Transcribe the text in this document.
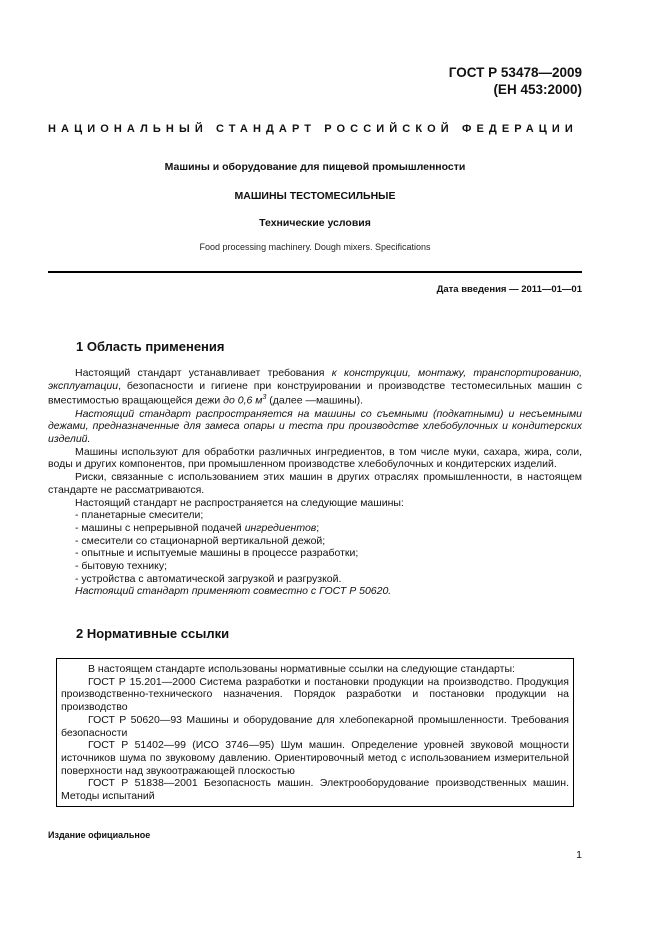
ГОСТ Р 53478—2009
(ЕН 453:2000)
НАЦИОНАЛЬНЫЙ СТАНДАРТ РОССИЙСКОЙ ФЕДЕРАЦИИ
Машины и оборудование для пищевой промышленности
МАШИНЫ ТЕСТОМЕСИЛЬНЫЕ
Технические условия
Food processing machinery. Dough mixers. Specifications
Дата введения — 2011—01—01
1 Область применения

Настоящий стандарт устанавливает требования к конструкции, монтажу, транспортированию, эксплуатации, безопасности и гигиене при конструировании и производстве тестомесильных машин с вместимостью вращающейся дежи до 0,6 $м^3$ (далее —машины).

Настоящий стандарт распространяется на машины со съемными (подкатными) и несъемными дежами, предназначенные для замеса опары и теста при производстве хлебобулочных и кондитерских изделий.

Машины используют для обработки различных ингредиентов, в том числе муки, сахара, жира, соли, воды и других компонентов, при промышленном производстве хлебобулочных и кондитерских изделий.

Риски, связанные с использованием этих машин в других отраслях промышленности, в настоящем стандарте не рассматриваются.

Настоящий стандарт не распространяется на следующие машины:

- планетарные смесители;

- машины с непрерывной подачей ингредиентов;

- смесители со стационарной вертикальной дежой;

- опытные и испытуемые машины в процессе разработки;

- бытовую технику;

- устройства с автоматической загрузкой и разгрузкой.

Настоящий стандарт применяют совместно с ГОСТ Р 50620.

2 Нормативные ссылки

В настоящем стандарте использованы нормативные ссылки на следующие стандарты:

ГОСТ Р 15.201—2000 Система разработки и постановки продукции на производство. Продукция производственно-технического назначения. Порядок разработки и постановки продукции на производство

ГОСТ Р 50620—93 Машины и оборудование для хлебопекарной промышленности. Требования безопасности

ГОСТ Р 51402—99 (ИСО 3746—95) Шум машин. Определение уровней звуковой мощности источников шума по звуковому давлению. Ориентировочный метод с использованием измерительной поверхности над звукоотражающей плоскостью

ГОСТ Р 51838—2001 Безопасность машин. Электрооборудование производственных машин. Методы испытаний

Издание официальное
1
